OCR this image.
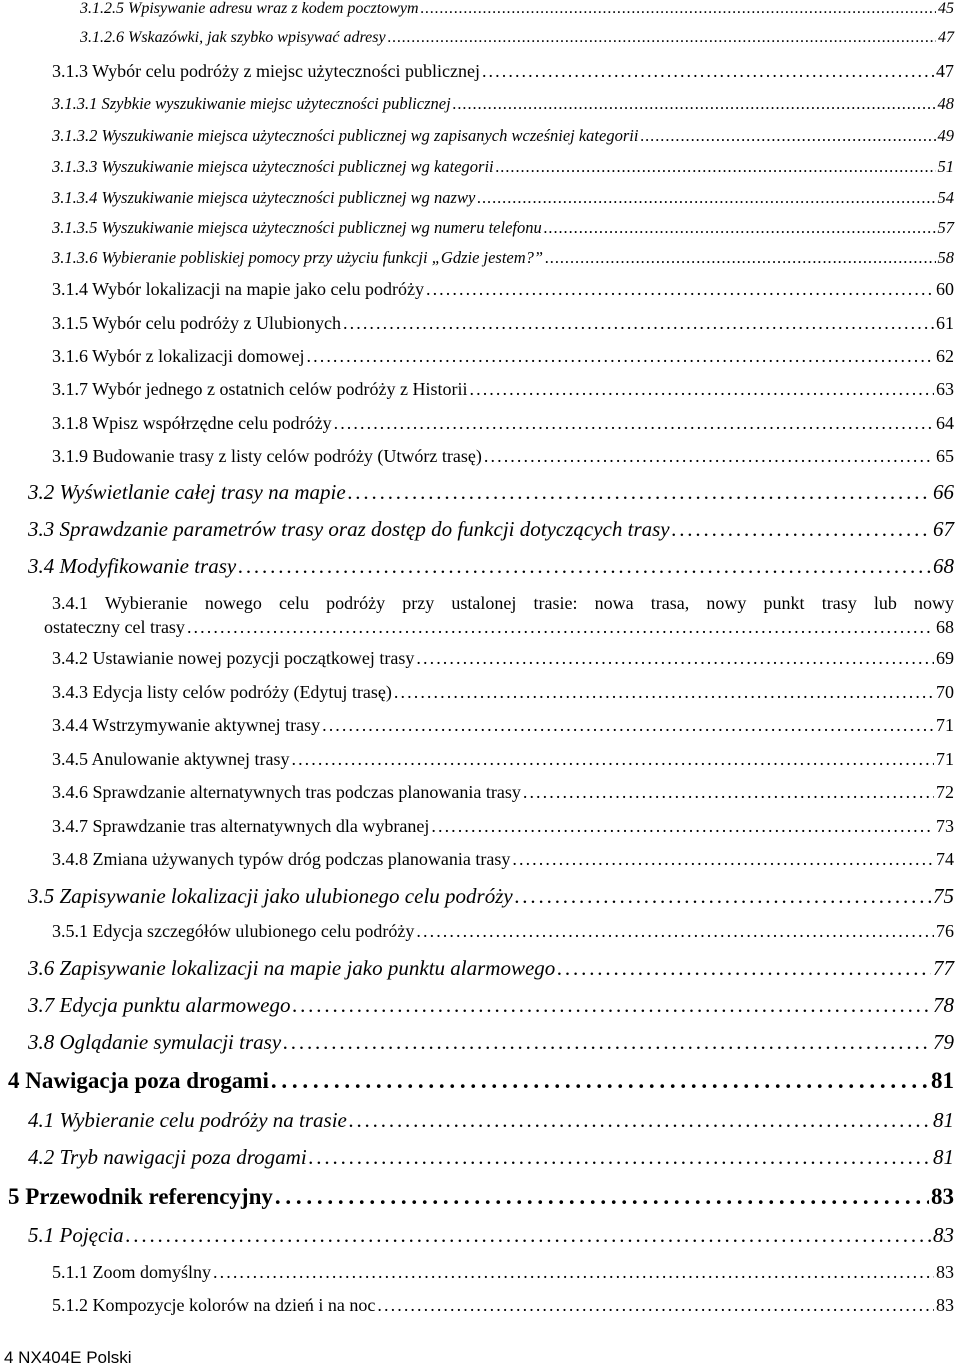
3.1.2.5 Wpisywanie adresu wraz z kodem pocztowym . . .	45
3.1.2.6 Wskazówki, jak szybko wpisywać adresy . . .	47
3.1.3 Wybór celu podróży z miejsc użyteczności publicznej . . .	47
3.1.3.1 Szybkie wyszukiwanie miejsc użyteczności publicznej . . .	48
3.1.3.2 Wyszukiwanie miejsca użyteczności publicznej wg zapisanych wcześniej kategorii . . .	49
3.1.3.3 Wyszukiwanie miejsca użyteczności publicznej wg kategorii . . .	51
3.1.3.4 Wyszukiwanie miejsca użyteczności publicznej wg nazwy . . .	54
3.1.3.5 Wyszukiwanie miejsca użyteczności publicznej wg numeru telefonu . . .	57
3.1.3.6 Wybieranie pobliskiej pomocy przy użyciu funkcji „Gdzie jestem?” . . .	58
3.1.4 Wybór lokalizacji na mapie jako celu podróży . . .	60
3.1.5 Wybór celu podróży z Ulubionych . . .	61
3.1.6 Wybór z lokalizacji domowej . . .	62
3.1.7 Wybór jednego z ostatnich celów podróży z Historii . . .	63
3.1.8 Wpisz współrzędne celu podróży . . .	64
3.1.9 Budowanie trasy z listy celów podróży (Utwórz trasę) . . .	65
3.2 Wyświetlanie całej trasy na mapie . . .	66
3.3 Sprawdzanie parametrów trasy oraz dostęp do funkcji dotyczących trasy . . .	67
3.4 Modyfikowanie trasy . . .	68
3.4.1 Wybieranie nowego celu podróży przy ustalonej trasie: nowa trasa, nowy punkt trasy lub nowy
ostateczny cel trasy . . .	68
3.4.2 Ustawianie nowej pozycji początkowej trasy . . .	69
3.4.3 Edycja listy celów podróży (Edytuj trasę) . . .	70
3.4.4 Wstrzymywanie aktywnej trasy . . .	71
3.4.5 Anulowanie aktywnej trasy . . .	71
3.4.6 Sprawdzanie alternatywnych tras podczas planowania trasy . . .	72
3.4.7 Sprawdzanie tras alternatywnych dla wybranej . . .	73
3.4.8 Zmiana używanych typów dróg podczas planowania trasy . . .	74
3.5 Zapisywanie lokalizacji jako ulubionego celu podróży . . .	75
3.5.1 Edycja szczegółów ulubionego celu podróży . . .	76
3.6 Zapisywanie lokalizacji na mapie jako punktu alarmowego . . .	77
3.7 Edycja punktu alarmowego . . .	78
3.8 Oglądanie symulacji trasy . . .	79
4 Nawigacja poza drogami . . .	81
4.1 Wybieranie celu podróży na trasie . . .	81
4.2 Tryb nawigacji poza drogami . . .	81
5 Przewodnik referencyjny . . .	83
5.1 Pojęcia . . .	83
5.1.1 Zoom domyślny . . .	83
5.1.2 Kompozycje kolorów na dzień i na noc . . .	83
4 NX404E Polski
